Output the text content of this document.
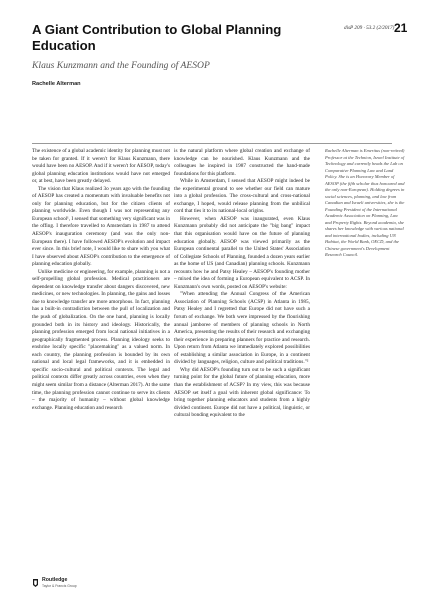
A Giant Contribution to Global Planning Education
Klaus Kunzmann and the Founding of AESOP
Rachelle Alterman
disP 209 · 53.2 (2/2017) 21

The existence of a global academic identity for planning must not be taken for granted. If it weren't for Klaus Kunzmann, there would have been no AESOP. And if it weren't for AESOP, today's global planning education institutions would have not emerged or, at best, have been greatly delayed.

The vision that Klaus realized 3o years ago with the founding of AESOP has created a momentum with invaluable benefits not only for planning education, but for the citizen clients of planning worldwide. Even though I was not representing any European school¹, I sensed that something very significant was in the offing. I therefore travelled to Amsterdam in 1987 to attend AESOP's inauguration ceremony (and was the only non-European there). I have followed AESOP's evolution and impact ever since. In this brief note, I would like to share with you what I have observed about AESOP's contribution to the emergence of planning education globally.

Unlike medicine or engineering, for example, planning is not a self-propelling global profession. Medical practitioners are dependent on knowledge transfer about dangers discovered, new medicines, or new technologies. In planning, the gains and losses due to knowledge transfer are more amorphous. In fact, planning has a built-in contradiction between the pull of localization and the push of globalization. On the one hand, planning is locally grounded both in its history and ideology. Historically, the planning profession emerged from local national initiatives in a geographically fragmented process. Planning ideology seeks to enshrine locally specific "placemaking" as a valued norm. In each country, the planning profession is bounded by its own national and local legal frameworks, and it is embedded in specific socio-cultural and political contexts. The legal and political contexts differ greatly across countries, even when they might seem similar from a distance (Alterman 2017). At the same time, the planning profession cannot continue to serve its clients – the majority of humanity – without global knowledge exchange. Planning education and research

is the natural platform where global creation and exchange of knowledge can be nourished. Klaus Kunzmann and the colleagues he inspired in 1987 constructed the hand-made foundations for this platform.

While in Amsterdam, I sensed that AESOP might indeed be the experimental ground to see whether our field can mature into a global profession. The cross-cultural and cross-national exchange, I hoped, would release planning from the unbilical cord that ties it to its national-local origins.

However, when AESOP was inaugurated, even Klaus Kunzmann probably did not anticipate the "big bang" impact that this organisation would have on the future of planning education globally. AESOP was viewed primarily as the European continental parallel to the United States' Association of Collegiate Schools of Planning, founded a dozen years earlier as the home of US (and Canadian) planning schools. Kunzmann recounts how he and Patsy Healey – AESOP's founding mother – mixed the idea of forming a European equivalent to ACSP. In Kunzmann's own words, posted on AESOP's website:

"When attending the Annual Congress of the American Association of Planning Schools (ACSP) in Atlanta in 1985, Patsy Healey and I regretted that Europe did not have such a forum of exchange. We both were impressed by the flourishing annual jamboree of members of planning schools in North America, presenting the results of their research and exchanging their experience in preparing planners for practice and research. Upon return from Atlanta we immediately explored possibilities of establishing a similar association in Europe, in a continent divided by languages, religion, culture and political traditions."²

Why did AESOP's founding turn out to be such a significant turning point for the global future of planning education, more than the establishment of ACSP? In my view, this was because AESOP set itself a goal with inherent global significance: To bring together planning educators and students from a highly divided continent. Europe did not have a political, linguistic, or cultural bonding equivalent to the

Rachelle Alterman is Emeritus (non-retired) Professor at the Technion, Israel Institute of Technology and currently heads the Lab on Comparative Planning Law and Land Policy. She is an Honorary Member of AESOP (the fifth scholar thus honoured and the only non-European). Holding degrees in social sciences, planning, and law from Canadian and Israeli universities, she is the Founding President of the International Academic Association on Planning, Law and Property Rights. Beyond academia, she shares her knowledge with various national and international bodies, including UN Habitat, the World Bank, OECD, and the Chinese government's Development Research Council.
Routledge
Taylor & Francis Group
